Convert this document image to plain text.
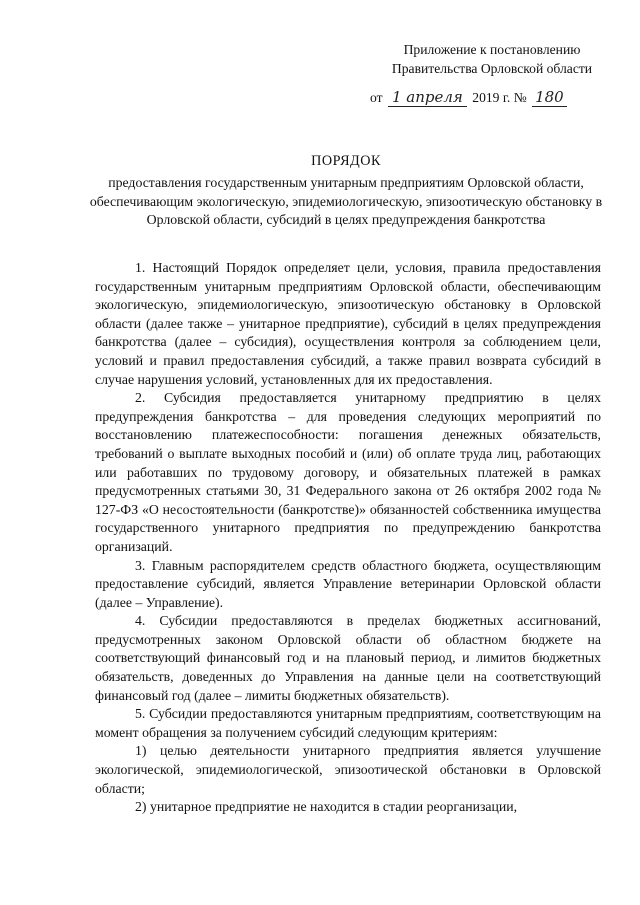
Приложение к постановлению
Правительства Орловской области
от 1 апреля 2019 г. № 180
ПОРЯДОК
предоставления государственным унитарным предприятиям Орловской области, обеспечивающим экологическую, эпидемиологическую, эпизоотическую обстановку в Орловской области, субсидий в целях предупреждения банкротства

1. Настоящий Порядок определяет цели, условия, правила предоставления государственным унитарным предприятиям Орловской области, обеспечивающим экологическую, эпидемиологическую, эпизоотическую обстановку в Орловской области (далее также – унитарное предприятие), субсидий в целях предупреждения банкротства (далее – субсидия), осуществления контроля за соблюдением цели, условий и правил предоставления субсидий, а также правил возврата субсидий в случае нарушения условий, установленных для их предоставления.

2. Субсидия предоставляется унитарному предприятию в целях предупреждения банкротства – для проведения следующих мероприятий по восстановлению платежеспособности: погашения денежных обязательств, требований о выплате выходных пособий и (или) об оплате труда лиц, работающих или работавших по трудовому договору, и обязательных платежей в рамках предусмотренных статьями 30, 31 Федерального закона от 26 октября 2002 года № 127-ФЗ «О несостоятельности (банкротстве)» обязанностей собственника имущества государственного унитарного предприятия по предупреждению банкротства организаций.

3. Главным распорядителем средств областного бюджета, осуществляющим предоставление субсидий, является Управление ветеринарии Орловской области (далее – Управление).

4. Субсидии предоставляются в пределах бюджетных ассигнований, предусмотренных законом Орловской области об областном бюджете на соответствующий финансовый год и на плановый период, и лимитов бюджетных обязательств, доведенных до Управления на данные цели на соответствующий финансовый год (далее – лимиты бюджетных обязательств).

5. Субсидии предоставляются унитарным предприятиям, соответствующим на момент обращения за получением субсидий следующим критериям:

1) целью деятельности унитарного предприятия является улучшение экологической, эпидемиологической, эпизоотической обстановки в Орловской области;

2) унитарное предприятие не находится в стадии реорганизации,
